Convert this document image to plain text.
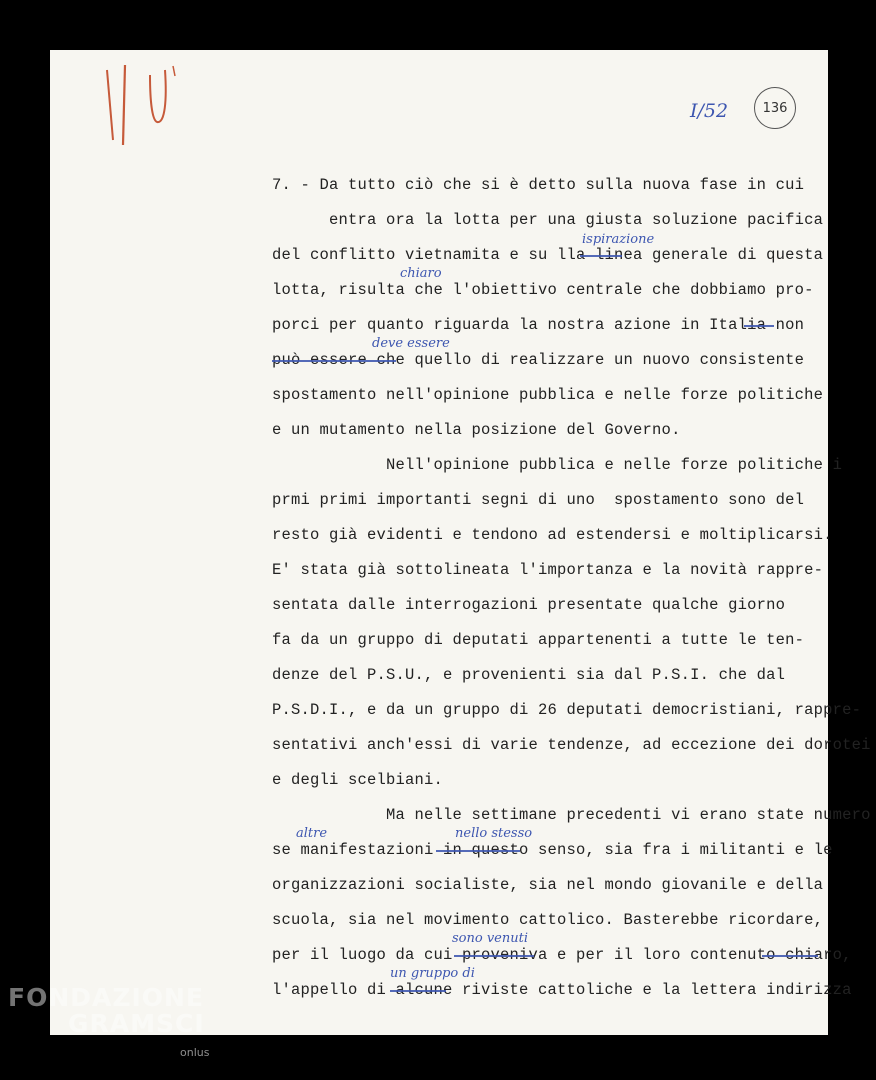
I/52	136
7. - Da tutto ciò che si è detto sulla nuova fase in cui
entra ora la lotta per una giusta soluzione pacifica
del conflitto vietnamita e su lla linea generale di questa
lotta, risulta che l'obiettivo centrale che dobbiamo pro-
porci per quanto riguarda la nostra azione in Italia non
può essere che quello di realizzare un nuovo consistente
spostamento nell'opinione pubblica e nelle forze politiche
e un mutamento nella posizione del Governo.
Nell'opinione pubblica e nelle forze politiche i
prmi primi importanti segni di uno  spostamento sono del
resto già evidenti e tendono ad estendersi e moltiplicarsi.
E' stata già sottolineata l'importanza e la novità rappre-
sentata dalle interrogazioni presentate qualche giorno
fa da un gruppo di deputati appartenenti a tutte le ten-
denze del P.S.U., e provenienti sia dal P.S.I. che dal
P.S.D.I., e da un gruppo di 26 deputati democristiani, rappre-
sentativi anch'essi di varie tendenze, ad eccezione dei dorotei
e degli scelbiani.
Ma nelle settimane precedenti vi erano state numero
se manifestazioni in questo senso, sia fra i militanti e le
organizzazioni socialiste, sia nel mondo giovanile e della
scuola, sia nel movimento cattolico. Basterebbe ricordare,
per il luogo da cui proveniva e per il loro contenuto chiaro,
l'appello di alcune riviste cattoliche e la lettera indirizza
ispirazione
chiaro
deve essere
altre	nello stesso
sono venuti
un gruppo di
FONDAZIONE
GRAMSCI
onlus
